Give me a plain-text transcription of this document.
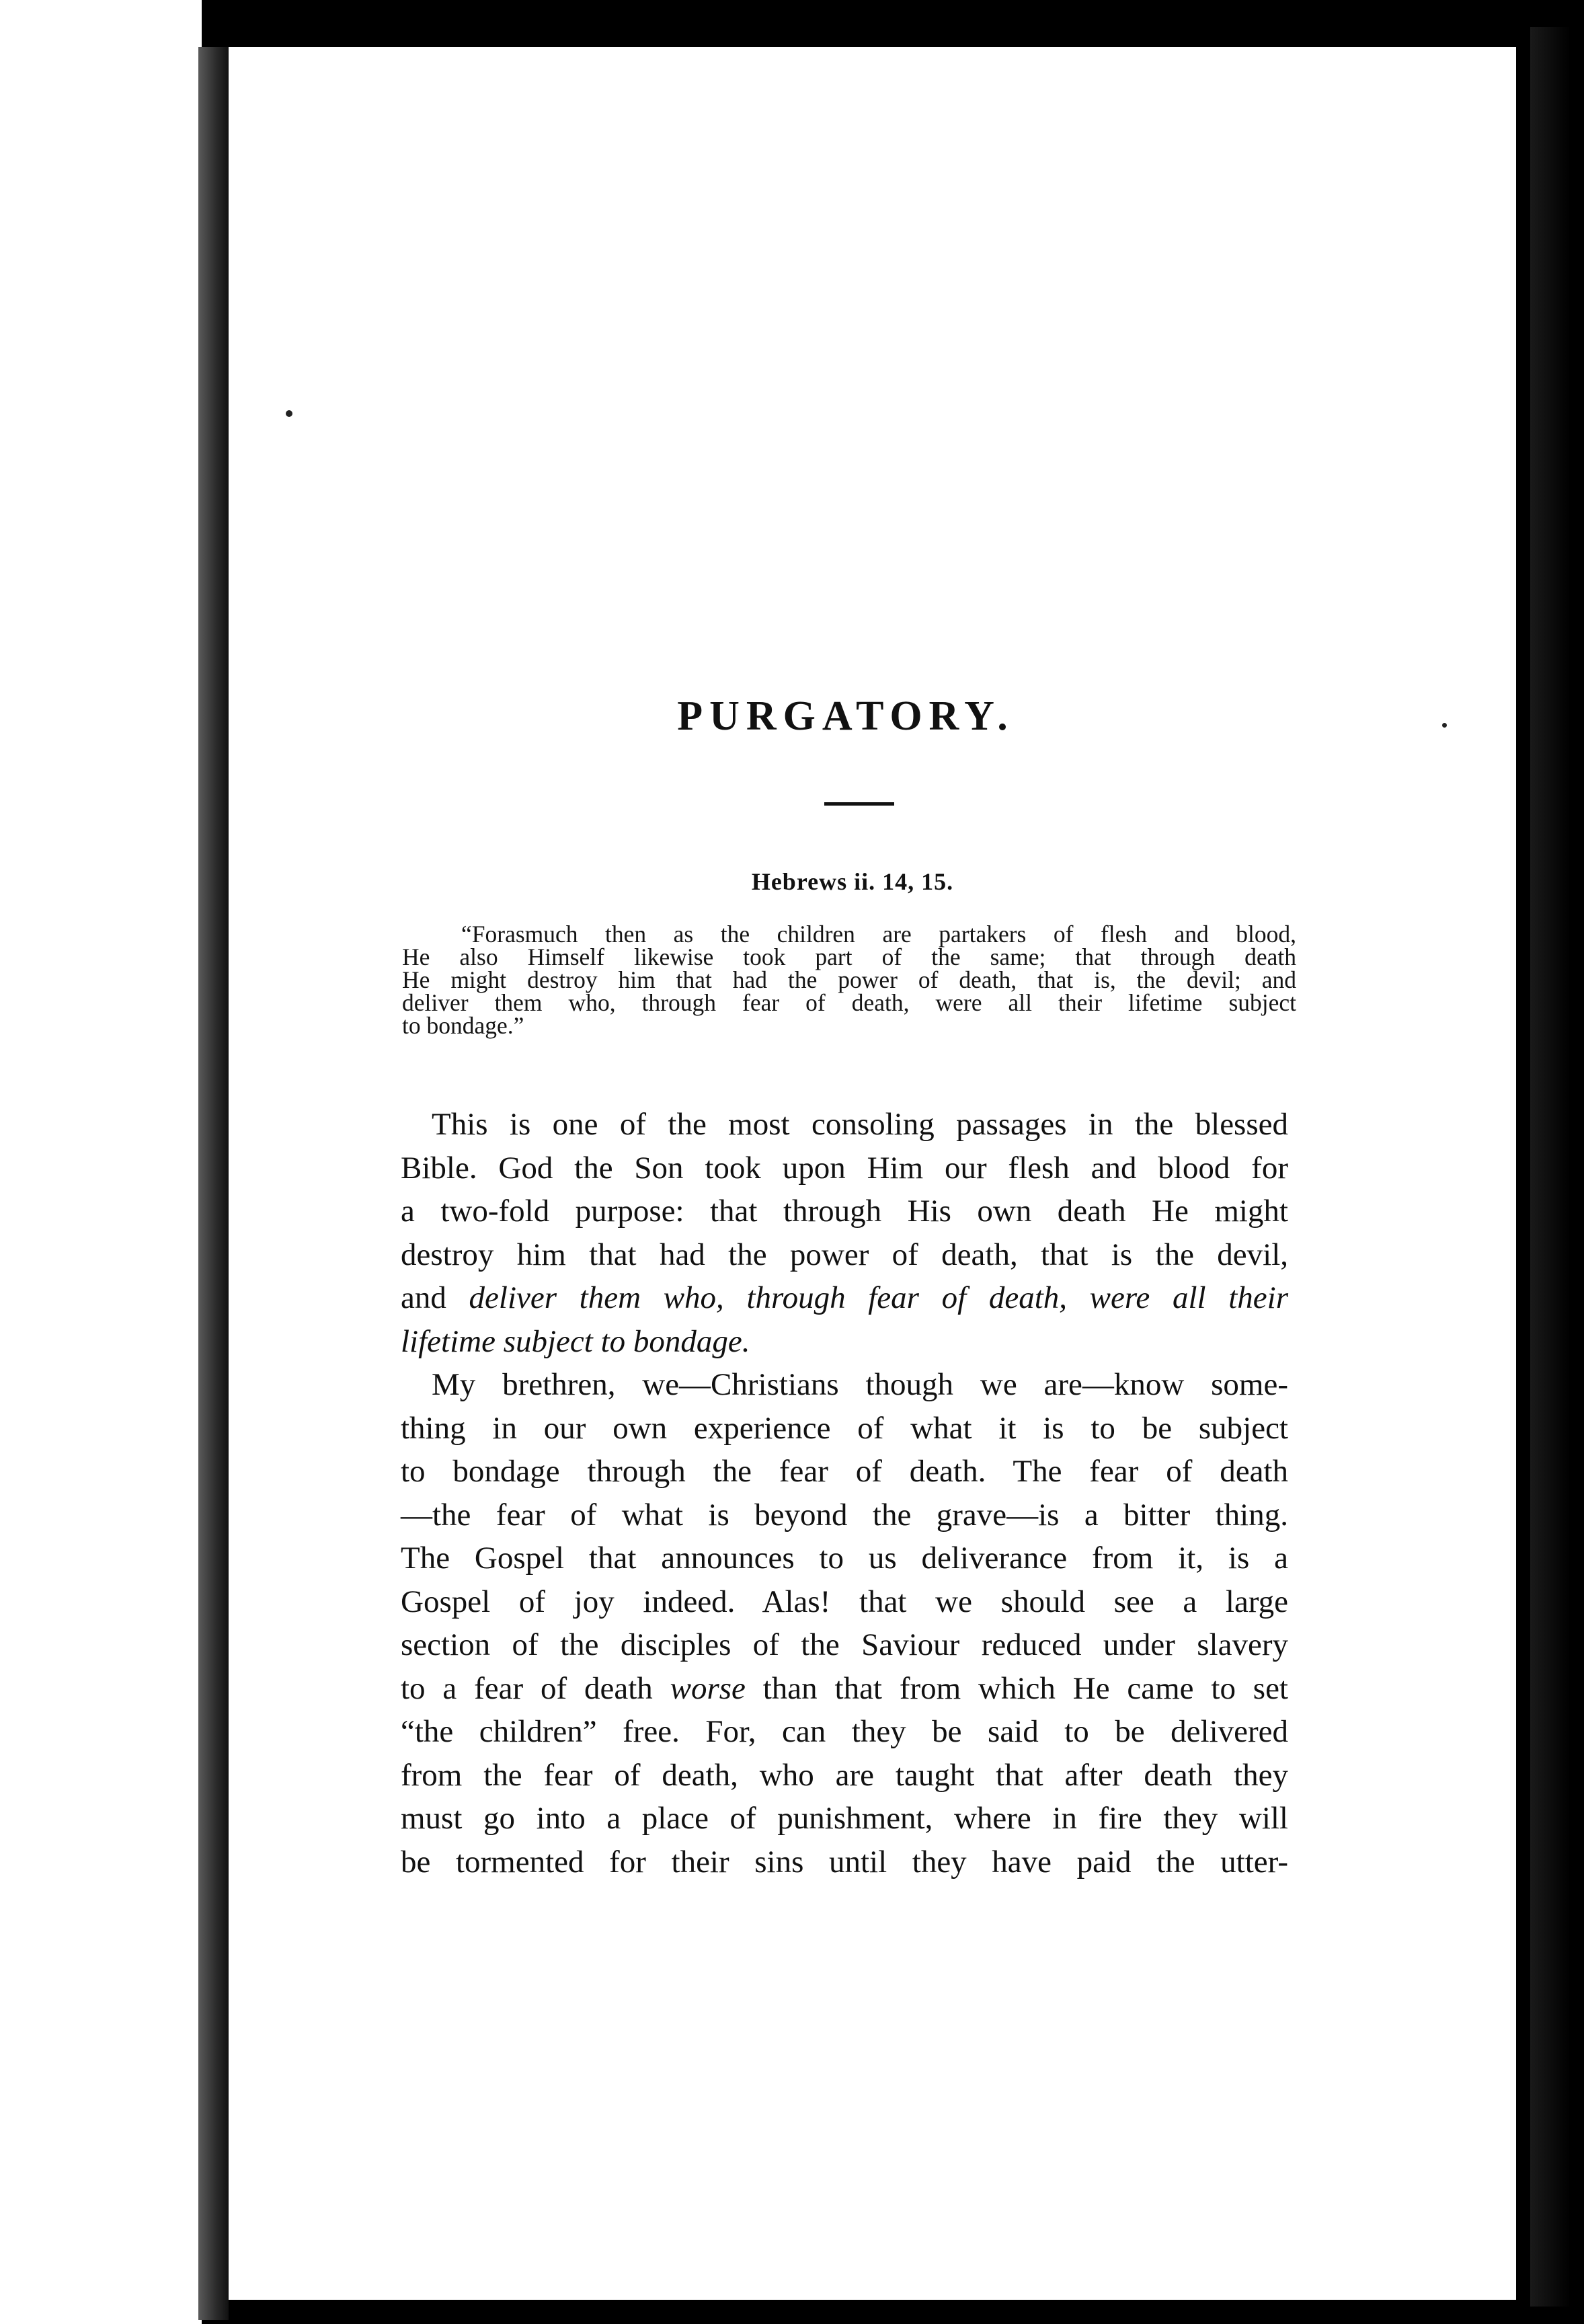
PURGATORY.
Hebrews ii. 14, 15.
“Forasmuch then as the children are partakers of flesh and blood,
He also Himself likewise took part of the same; that through death
He might destroy him that had the power of death, that is, the devil; and
deliver them who, through fear of death, were all their lifetime subject
to bondage.”
This is one of the most consoling passages in the blessed
Bible. God the Son took upon Him our flesh and blood for
a two-fold purpose: that through His own death He might
destroy him that had the power of death, that is the devil,
and deliver them who, through fear of death, were all their
lifetime subject to bondage.
My brethren, we—Christians though we are—know some-
thing in our own experience of what it is to be subject
to bondage through the fear of death. The fear of death
—the fear of what is beyond the grave—is a bitter thing.
The Gospel that announces to us deliverance from it, is a
Gospel of joy indeed. Alas! that we should see a large
section of the disciples of the Saviour reduced under slavery
to a fear of death worse than that from which He came to set
“the children” free. For, can they be said to be delivered
from the fear of death, who are taught that after death they
must go into a place of punishment, where in fire they will
be tormented for their sins until they have paid the utter-
